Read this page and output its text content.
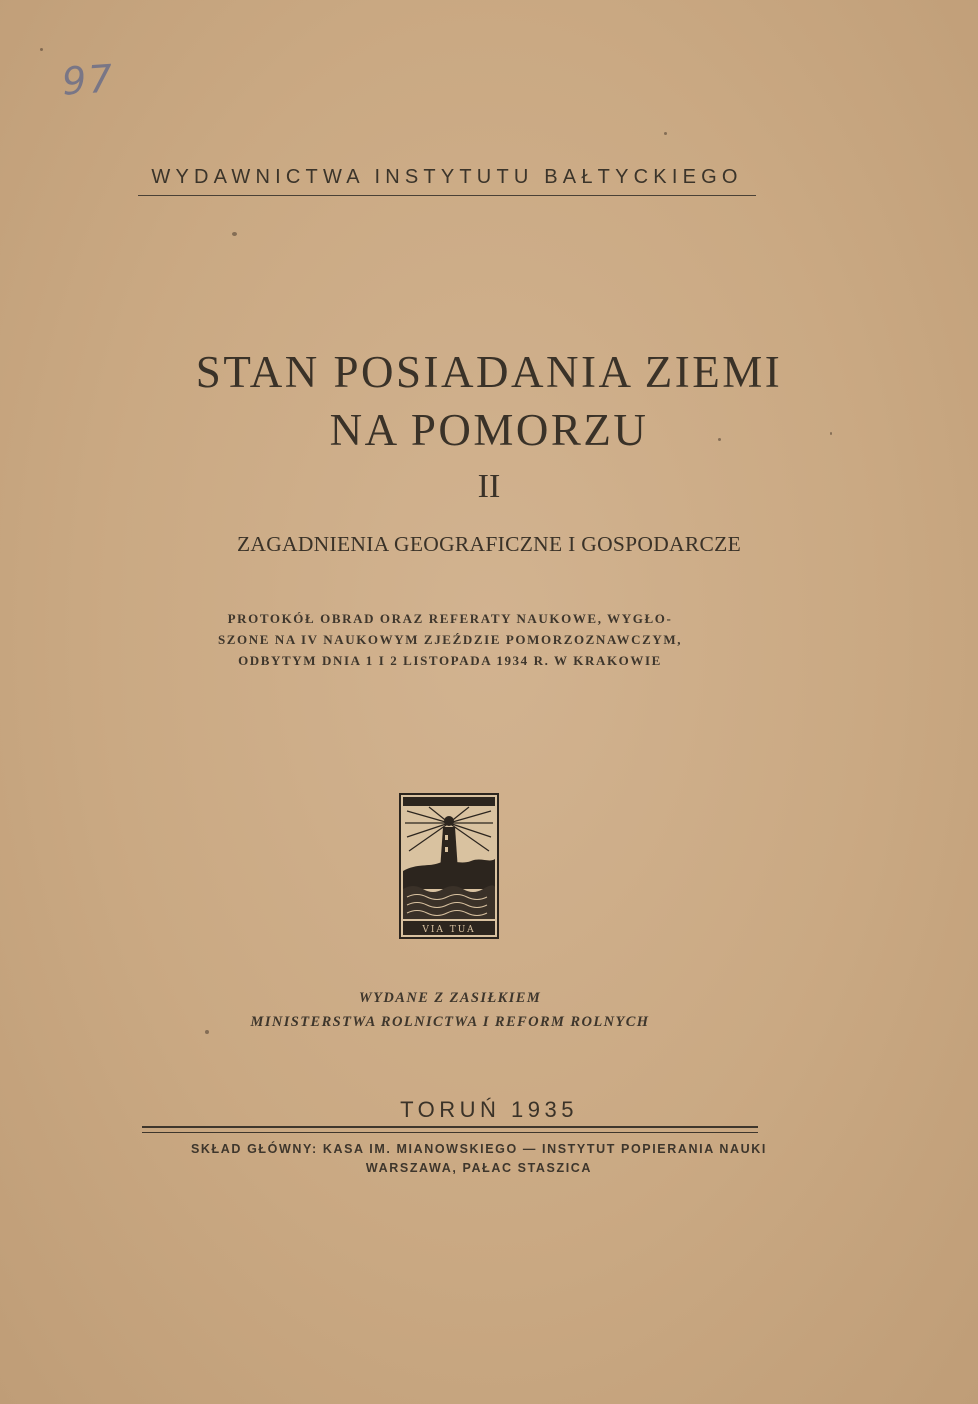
97
WYDAWNICTWA INSTYTUTU BAŁTYCKIEGO
STAN POSIADANIA ZIEMI
NA POMORZU
II
ZAGADNIENIA GEOGRAFICZNE I GOSPODARCZE
PROTOKÓŁ OBRAD ORAZ REFERATY NAUKOWE, WYGŁO-
SZONE NA IV NAUKOWYM ZJEŹDZIE POMORZOZNAWCZYM,
ODBYTYM DNIA 1 I 2 LISTOPADA 1934 R. W KRAKOWIE
VIA TUA
WYDANE Z ZASIŁKIEM
MINISTERSTWA ROLNICTWA I REFORM ROLNYCH
TORUŃ 1935
SKŁAD GŁÓWNY: KASA IM. MIANOWSKIEGO — INSTYTUT POPIERANIA NAUKI
WARSZAWA, PAŁAC STASZICA
